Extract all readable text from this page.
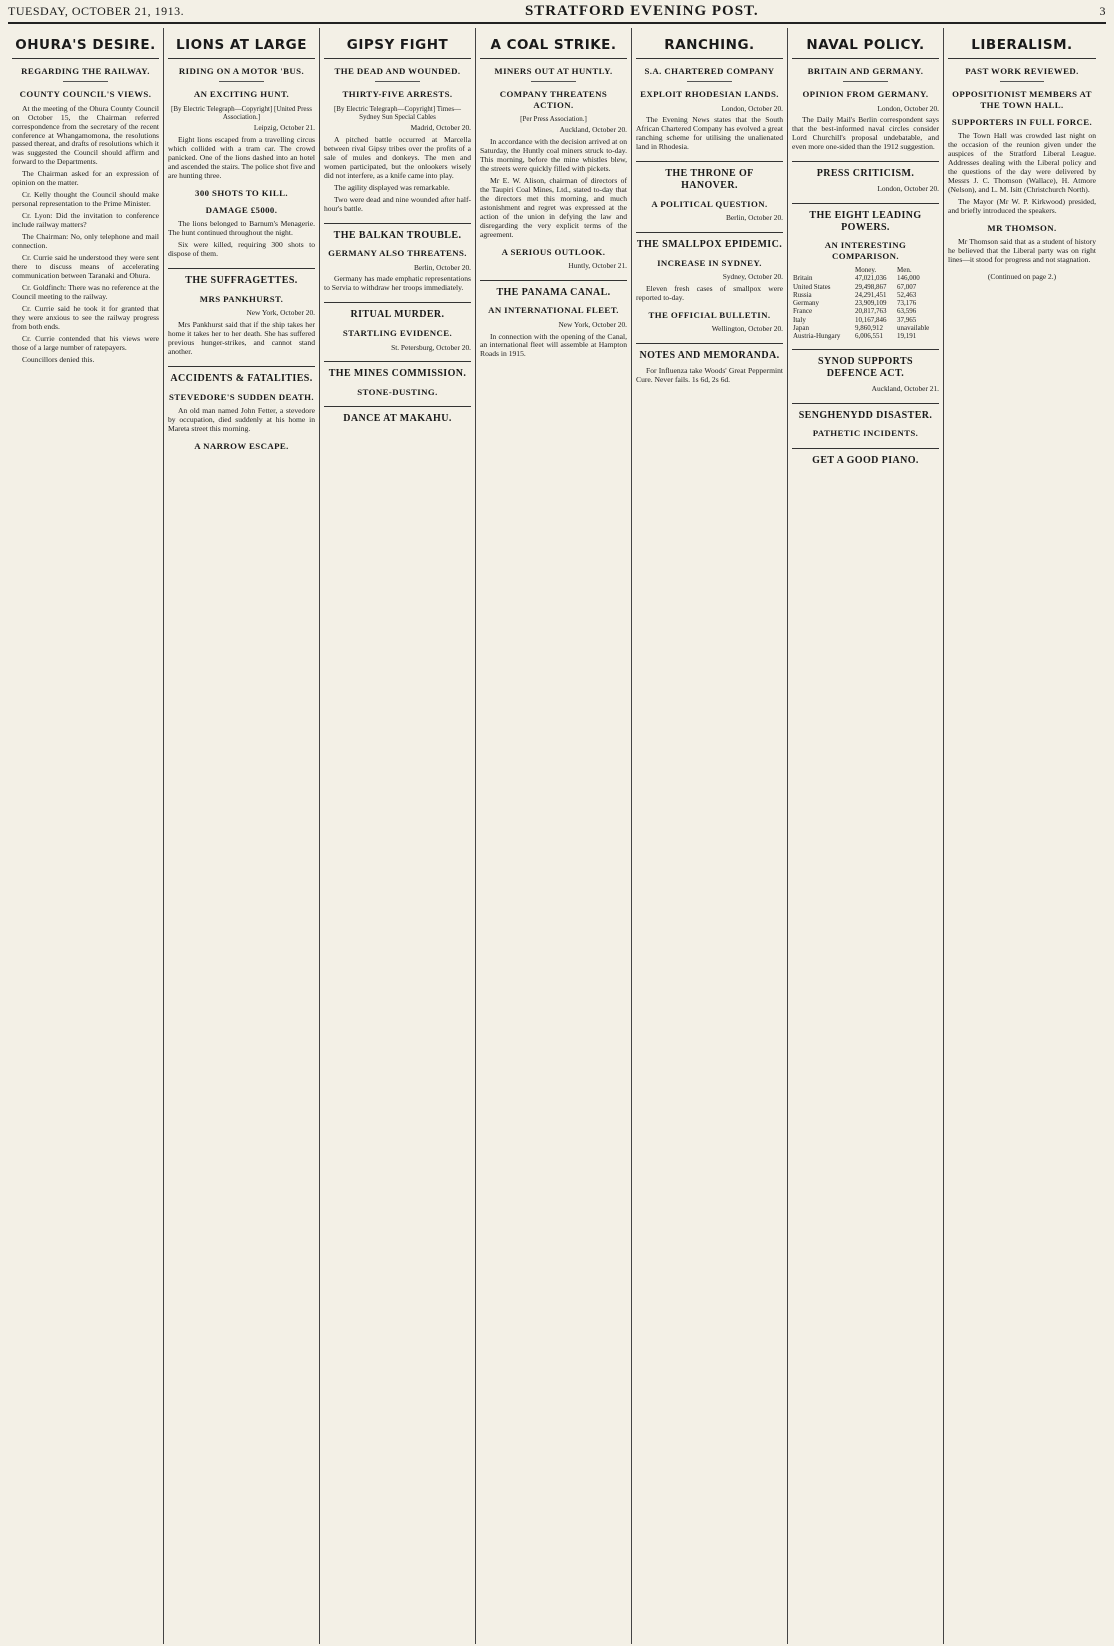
TUESDAY, OCTOBER 21, 1913.	STRATFORD EVENING POST.	3
OHURA'S DESIRE.
REGARDING THE RAILWAY.
COUNTY COUNCIL'S VIEWS.

At the meeting of the Ohura County Council on October 15, the Chairman referred correspondence from the secretary of the recent conference at Whangamomona, the resolutions passed thereat, and drafts of resolutions which it was suggested the Council should affirm and forward to the Departments.

The Chairman asked for an expression of opinion on the matter.

Cr. Kelly thought the Council should make personal representation to the Prime Minister.

Cr. Lyon: Did the invitation to conference include railway matters?

The Chairman: No, only telephone and mail connection.

Cr. Currie said he understood they were sent there to discuss means of accelerating communication between Taranaki and Ohura.

Cr. Goldfinch: There was no reference at the Council meeting to the railway.

Cr. Currie said he took it for granted that they were anxious to see the railway progress from both ends.

Cr. Currie contended that his views were those of a large number of ratepayers.

Councillors denied this.

LIONS AT LARGE
RIDING ON A MOTOR 'BUS.
AN EXCITING HUNT.
[By Electric Telegraph—Copyright] [United Press Association.]
Leipzig, October 21.

Eight lions escaped from a travelling circus which collided with a tram car. The crowd panicked. One of the lions dashed into an hotel and ascended the stairs. The police shot five and are hunting three.

300 SHOTS TO KILL.
DAMAGE £5000.

The lions belonged to Barnum's Menagerie. The hunt continued throughout the night.

Six were killed, requiring 300 shots to dispose of them.

THE SUFFRAGETTES.
MRS PANKHURST.
New York, October 20.

Mrs Pankhurst said that if the ship takes her home it takes her to her death. She has suffered previous hunger-strikes, and cannot stand another.

ACCIDENTS & FATALITIES.
STEVEDORE'S SUDDEN DEATH.

An old man named John Fetter, a stevedore by occupation, died suddenly at his home in Mareta street this morning.

A NARROW ESCAPE.
GIPSY FIGHT
THE DEAD AND WOUNDED.
THIRTY-FIVE ARRESTS.
[By Electric Telegraph—Copyright] Times—Sydney Sun Special Cables
Madrid, October 20.

A pitched battle occurred at Marcella between rival Gipsy tribes over the profits of a sale of mules and donkeys. The men and women participated, but the onlookers wisely did not interfere, as a knife came into play.

The agility displayed was remarkable.

Two were dead and nine wounded after half-hour's battle.

THE BALKAN TROUBLE.
GERMANY ALSO THREATENS.
Berlin, October 20.

Germany has made emphatic representations to Servia to withdraw her troops immediately.

RITUAL MURDER.
STARTLING EVIDENCE.
St. Petersburg, October 20.
THE MINES COMMISSION.
STONE-DUSTING.
DANCE AT MAKAHU.
A COAL STRIKE.
MINERS OUT AT HUNTLY.
COMPANY THREATENS ACTION.
[Per Press Association.]
Auckland, October 20.

In accordance with the decision arrived at on Saturday, the Huntly coal miners struck to-day. This morning, before the mine whistles blew, the streets were quickly filled with pickets.

Mr E. W. Alison, chairman of directors of the Taupiri Coal Mines, Ltd., stated to-day that the directors met this morning, and much astonishment and regret was expressed at the action of the union in defying the law and disregarding the very explicit terms of the agreement.

A SERIOUS OUTLOOK.
Huntly, October 21.
THE PANAMA CANAL.
AN INTERNATIONAL FLEET.
New York, October 20.

In connection with the opening of the Canal, an international fleet will assemble at Hampton Roads in 1915.

RANCHING.
S.A. CHARTERED COMPANY
EXPLOIT RHODESIAN LANDS.
London, October 20.

The Evening News states that the South African Chartered Company has evolved a great ranching scheme for utilising the unalienated land in Rhodesia.

THE THRONE OF HANOVER.
A POLITICAL QUESTION.
Berlin, October 20.
THE SMALLPOX EPIDEMIC.
INCREASE IN SYDNEY.
Sydney, October 20.

Eleven fresh cases of smallpox were reported to-day.

THE OFFICIAL BULLETIN.
Wellington, October 20.
NOTES AND MEMORANDA.

For Influenza take Woods' Great Peppermint Cure. Never fails. 1s 6d, 2s 6d.

NAVAL POLICY.
BRITAIN AND GERMANY.
OPINION FROM GERMANY.
London, October 20.

The Daily Mail's Berlin correspondent says that the best-informed naval circles consider Lord Churchill's proposal undebatable, and even more one-sided than the 1912 suggestion.

PRESS CRITICISM.
London, October 20.
THE EIGHT LEADING POWERS.
AN INTERESTING COMPARISON.
	Money.	Men.
Britain	47,021,036	146,000
United States	29,498,867	67,007
Russia	24,291,451	52,463
Germany	23,909,109	73,176
France	20,817,763	63,596
Italy	10,167,846	37,965
Japan	9,860,912	unavailable
Austria-Hungary	6,006,551	19,191
SYNOD SUPPORTS DEFENCE ACT.
Auckland, October 21.
SENGHENYDD DISASTER.
PATHETIC INCIDENTS.
GET A GOOD PIANO.
LIBERALISM.
PAST WORK REVIEWED.
OPPOSITIONIST MEMBERS AT THE TOWN HALL.
SUPPORTERS IN FULL FORCE.

The Town Hall was crowded last night on the occasion of the reunion given under the auspices of the Stratford Liberal League. Addresses dealing with the Liberal policy and the questions of the day were delivered by Messrs J. C. Thomson (Wallace), H. Atmore (Nelson), and L. M. Isitt (Christchurch North).

The Mayor (Mr W. P. Kirkwood) presided, and briefly introduced the speakers.

MR THOMSON.

Mr Thomson said that as a student of history he believed that the Liberal party was on right lines—it stood for progress and not stagnation.

(Continued on page 2.)
